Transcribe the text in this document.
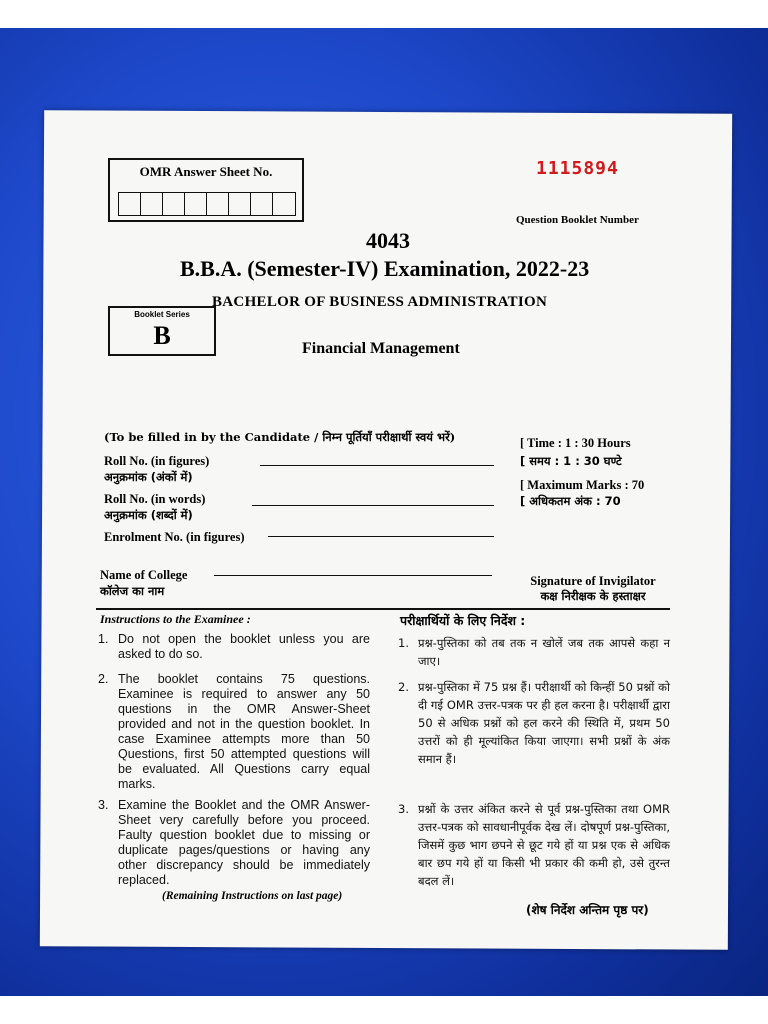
OMR Answer Sheet No.	1115894
Question Booklet Number
4043
B.B.A. (Semester-IV) Examination, 2022-23
BACHELOR OF BUSINESS ADMINISTRATION
Booklet Series
B	Financial Management
(To be filled in by the Candidate / निम्न पूर्तियाँ परीक्षार्थी स्वयं भरें)
Roll No. (in figures)
अनुक्रमांक (अंकों में)
Roll No. (in words)
अनुक्रमांक (शब्दों में)
Enrolment No. (in figures)
[ Time : 1 : 30 Hours
[ समय : 1 : 30 घण्टे
[ Maximum Marks : 70
[ अधिकतम अंक : 70
Name of College
कॉलेज का नाम
Signature of Invigilator
कक्ष निरीक्षक के हस्ताक्षर
Instructions to the Examinee :
1. Do not open the booklet unless you are asked to do so.
2. The booklet contains 75 questions. Examinee is required to answer any 50 questions in the OMR Answer-Sheet provided and not in the question booklet. In case Examinee attempts more than 50 Questions, first 50 attempted questions will be evaluated. All Questions carry equal marks.
3. Examine the Booklet and the OMR Answer-Sheet very carefully before you proceed. Faulty question booklet due to missing or duplicate pages/questions or having any other discrepancy should be immediately replaced.
(Remaining Instructions on last page)
परीक्षार्थियों के लिए निर्देश :
1. प्रश्न-पुस्तिका को तब तक न खोलें जब तक आपसे कहा न जाए।
2. प्रश्न-पुस्तिका में 75 प्रश्न हैं। परीक्षार्थी को किन्हीं 50 प्रश्नों को दी गई OMR उत्तर-पत्रक पर ही हल करना है। परीक्षार्थी द्वारा 50 से अधिक प्रश्नों को हल करने की स्थिति में, प्रथम 50 उत्तरों को ही मूल्यांकित किया जाएगा। सभी प्रश्नों के अंक समान हैं।
3. प्रश्नों के उत्तर अंकित करने से पूर्व प्रश्न-पुस्तिका तथा OMR उत्तर-पत्रक को सावधानीपूर्वक देख लें। दोषपूर्ण प्रश्न-पुस्तिका, जिसमें कुछ भाग छपने से छूट गये हों या प्रश्न एक से अधिक बार छप गये हों या किसी भी प्रकार की कमी हो, उसे तुरन्त बदल लें।
(शेष निर्देश अन्तिम पृष्ठ पर)
